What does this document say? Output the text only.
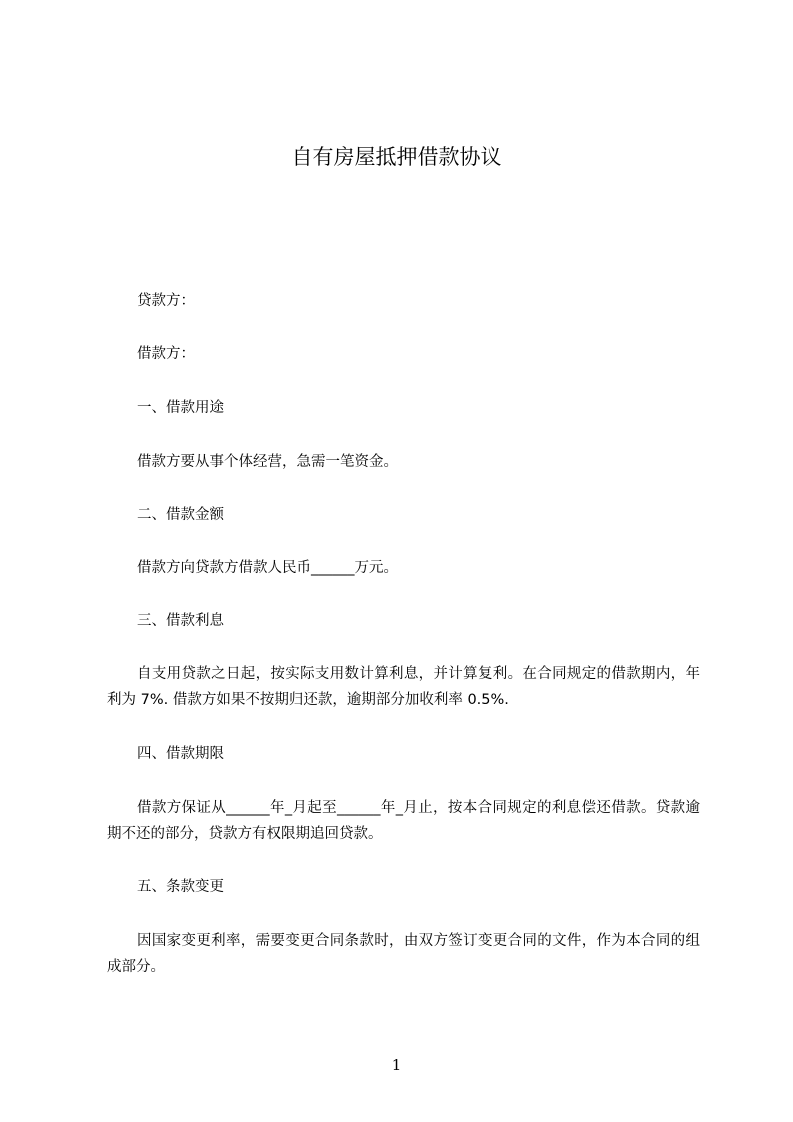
自有房屋抵押借款协议
贷款方：
借款方：
一、借款用途
借款方要从事个体经营，急需一笔资金。
二、借款金额
借款方向贷款方借款人民币______万元。
三、借款利息
自支用贷款之日起，按实际支用数计算利息，并计算复利。在合同规定的借款期内，年利为 7%. 借款方如果不按期归还款，逾期部分加收利率 0.5%.
四、借款期限
借款方保证从______年_月起至______年_月止，按本合同规定的利息偿还借款。贷款逾期不还的部分，贷款方有权限期追回贷款。
五、条款变更
因国家变更利率，需要变更合同条款时，由双方签订变更合同的文件，作为本合同的组成部分。
1
